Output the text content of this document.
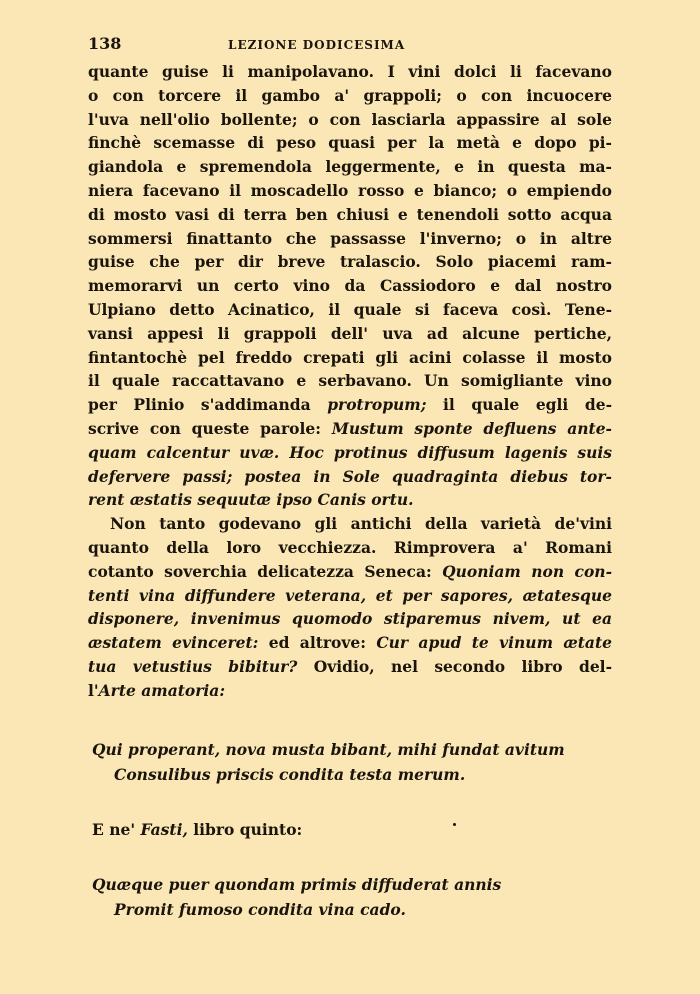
138	LEZIONE DODICESIMA
quante guise li manipolavano. I vini dolci li facevano
o con torcere il gambo a' grappoli; o con incuocere
l'uva nell'olio bollente; o con lasciarla appassire al sole
finchè scemasse di peso quasi per la metà e dopo pi-
giandola e spremendola leggermente, e in questa ma-
niera facevano il moscadello rosso e bianco; o empiendo
di mosto vasi di terra ben chiusi e tenendoli sotto acqua
sommersi finattanto che passasse l'inverno; o in altre
guise che per dir breve tralascio. Solo piacemi ram-
memorarvi un certo vino da Cassiodoro e dal nostro
Ulpiano detto Acinatico, il quale si faceva così. Tene-
vansi appesi li grappoli dell' uva ad alcune pertiche,
fintantochè pel freddo crepati gli acini colasse il mosto
il quale raccattavano e serbavano. Un somigliante vino
per Plinio s'addimanda protropum; il quale egli de-
scrive con queste parole: Mustum sponte defluens ante-
quam calcentur uvæ. Hoc protinus diffusum lagenis suis
defervere passi; postea in Sole quadraginta diebus tor-
rent æstatis sequutæ ipso Canis ortu.
Non tanto godevano gli antichi della varietà de'vini
quanto della loro vecchiezza. Rimprovera a' Romani
cotanto soverchia delicatezza Seneca: Quoniam non con-
tenti vina diffundere veterana, et per sapores, ætatesque
disponere, invenimus quomodo stiparemus nivem, ut ea
æstatem evinceret: ed altrove: Cur apud te vinum ætate
tua vetustius bibitur? Ovidio, nel secondo libro del-
l'Arte amatoria:
Qui properant, nova musta bibant, mihi fundat avitum
Consulibus priscis condita testa merum.
E ne' Fasti, libro quinto:
Quæque puer quondam primis diffuderat annis
Promit fumoso condita vina cado.
